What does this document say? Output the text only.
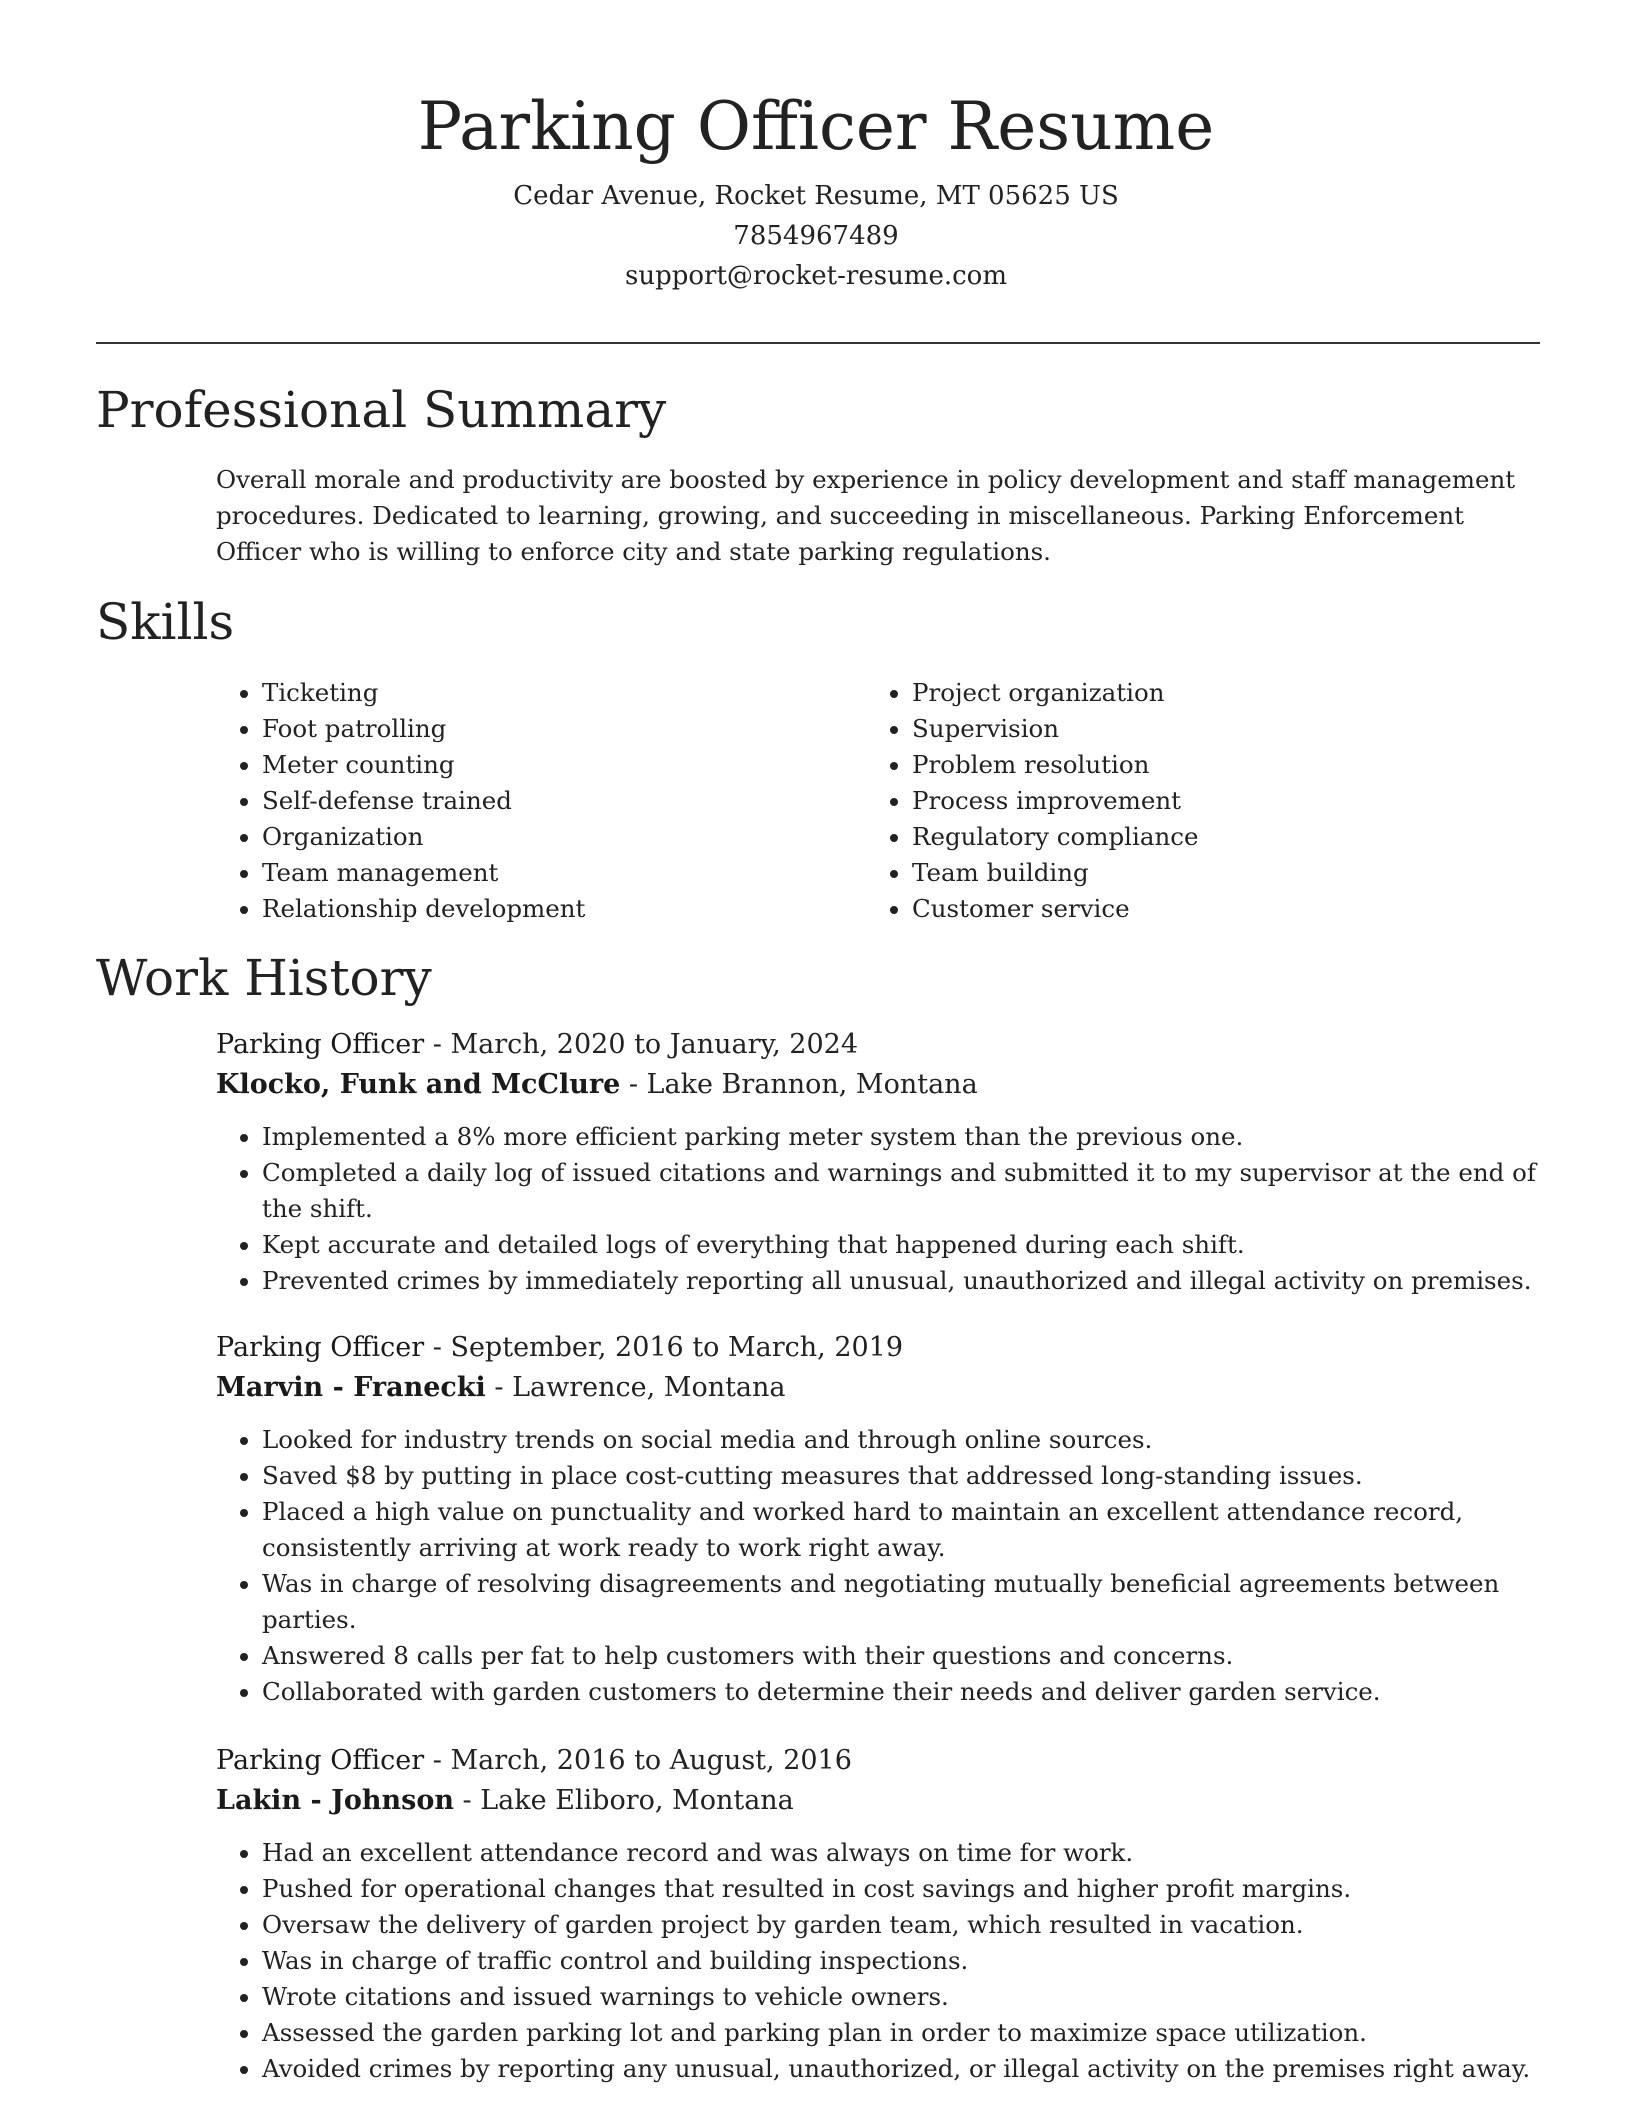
Parking Officer Resume

Cedar Avenue, Rocket Resume, MT 05625 US

7854967489

support@rocket-resume.com

Professional Summary

Overall morale and productivity are boosted by experience in policy development and staff management procedures. Dedicated to learning, growing, and succeeding in miscellaneous. Parking Enforcement Officer who is willing to enforce city and state parking regulations.

Skills
• Ticketing
• Foot patrolling
• Meter counting
• Self-defense trained
• Organization
• Team management
• Relationship development
• Project organization
• Supervision
• Problem resolution
• Process improvement
• Regulatory compliance
• Team building
• Customer service
Work History

Parking Officer - March, 2020 to January, 2024

Klocko, Funk and McClure - Lake Brannon, Montana

• Implemented a 8% more efficient parking meter system than the previous one.
• Completed a daily log of issued citations and warnings and submitted it to my supervisor at the end of the shift.
• Kept accurate and detailed logs of everything that happened during each shift.
• Prevented crimes by immediately reporting all unusual, unauthorized and illegal activity on premises.

Parking Officer - September, 2016 to March, 2019

Marvin - Franecki - Lawrence, Montana

• Looked for industry trends on social media and through online sources.
• Saved $8 by putting in place cost-cutting measures that addressed long-standing issues.
• Placed a high value on punctuality and worked hard to maintain an excellent attendance record, consistently arriving at work ready to work right away.
• Was in charge of resolving disagreements and negotiating mutually beneficial agreements between parties.
• Answered 8 calls per fat to help customers with their questions and concerns.
• Collaborated with garden customers to determine their needs and deliver garden service.

Parking Officer - March, 2016 to August, 2016

Lakin - Johnson - Lake Eliboro, Montana

• Had an excellent attendance record and was always on time for work.
• Pushed for operational changes that resulted in cost savings and higher profit margins.
• Oversaw the delivery of garden project by garden team, which resulted in vacation.
• Was in charge of traffic control and building inspections.
• Wrote citations and issued warnings to vehicle owners.
• Assessed the garden parking lot and parking plan in order to maximize space utilization.
• Avoided crimes by reporting any unusual, unauthorized, or illegal activity on the premises right away.
